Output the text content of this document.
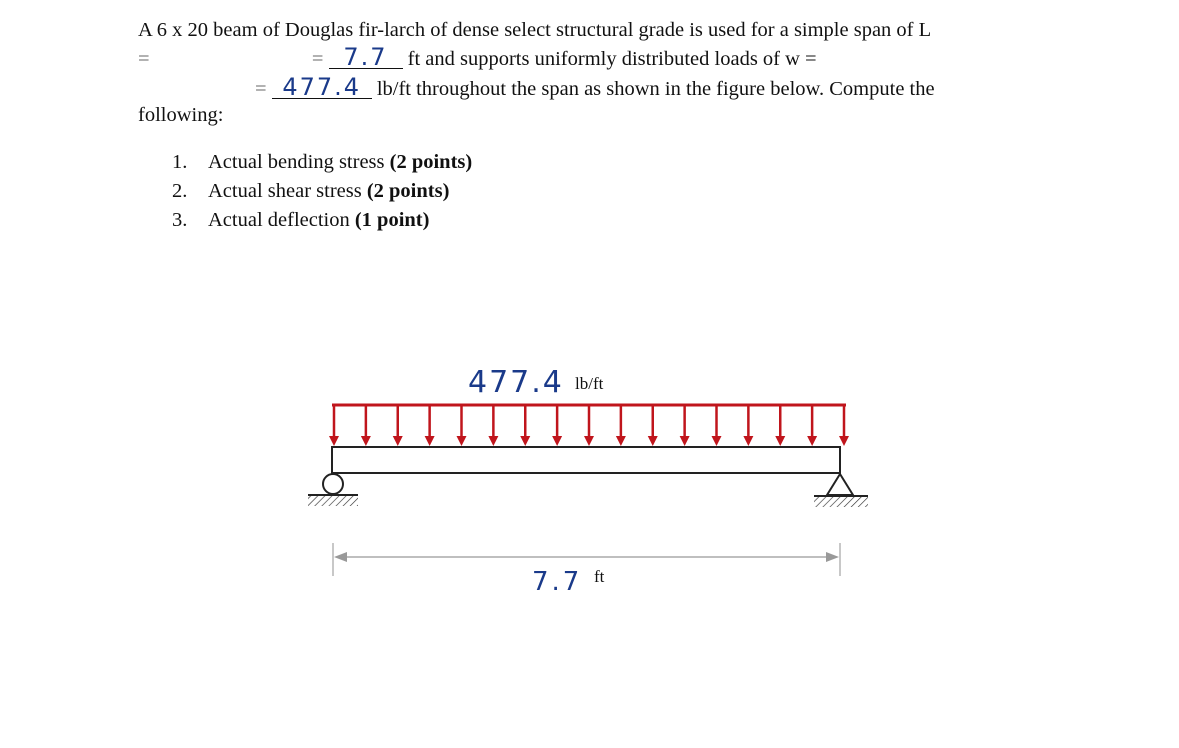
A 6 x 20 beam of Douglas fir-larch of dense select structural grade is used for a simple span of L
=	= 7.7 ft and supports uniformly distributed loads of w =
= 477.4 lb/ft throughout the span as shown in the figure below. Compute the
following:
1. Actual bending stress (2 points)
2. Actual shear stress (2 points)
3. Actual deflection (1 point)
477.4 lb/ft
7.7 ft
